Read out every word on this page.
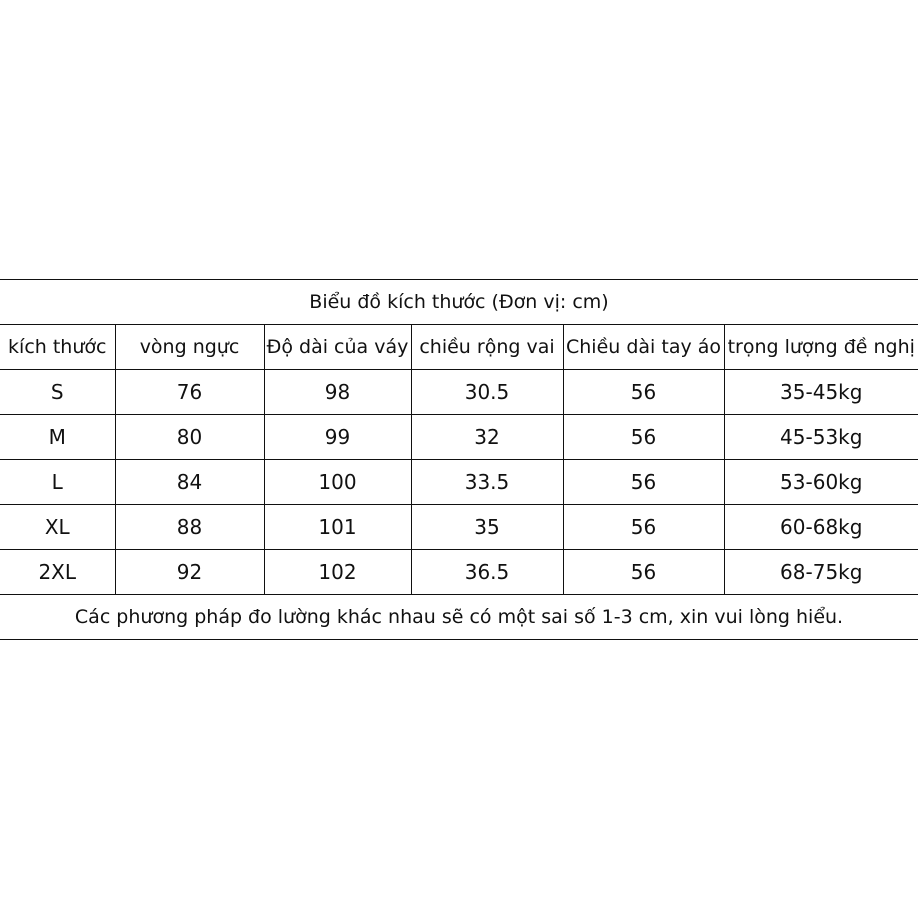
Biểu đồ kích thước (Đơn vị: cm)					
kích thước	vòng ngực	Độ dài của váy	chiều rộng vai	Chiều dài tay áo	trọng lượng đề nghị
S	76	98	30.5	56	35-45kg
M	80	99	32	56	45-53kg
L	84	100	33.5	56	53-60kg
XL	88	101	35	56	60-68kg
2XL	92	102	36.5	56	68-75kg
Các phương pháp đo lường khác nhau sẽ có một sai số 1-3 cm, xin vui lòng hiểu.					
